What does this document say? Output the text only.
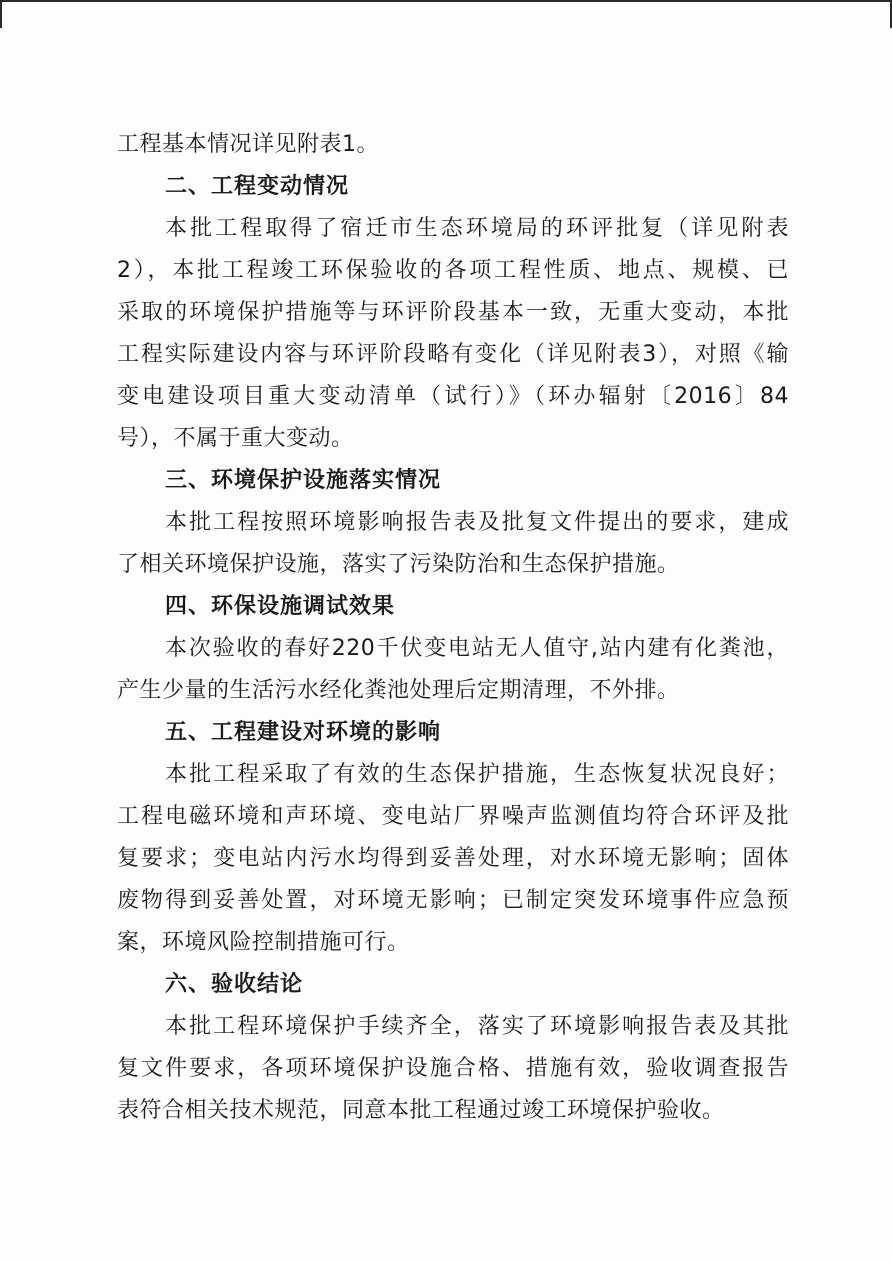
工程基本情况详见附表1。
二、工程变动情况
本批工程取得了宿迁市生态环境局的环评批复（详见附表
2），本批工程竣工环保验收的各项工程性质、地点、规模、已
采取的环境保护措施等与环评阶段基本一致，无重大变动，本批
工程实际建设内容与环评阶段略有变化（详见附表3），对照《输
变电建设项目重大变动清单（试行）》（环办辐射〔2016〕84
号），不属于重大变动。
三、环境保护设施落实情况
本批工程按照环境影响报告表及批复文件提出的要求，建成
了相关环境保护设施，落实了污染防治和生态保护措施。
四、环保设施调试效果
本次验收的春好220千伏变电站无人值守,站内建有化粪池，
产生少量的生活污水经化粪池处理后定期清理，不外排。
五、工程建设对环境的影响
本批工程采取了有效的生态保护措施，生态恢复状况良好；
工程电磁环境和声环境、变电站厂界噪声监测值均符合环评及批
复要求；变电站内污水均得到妥善处理，对水环境无影响；固体
废物得到妥善处置，对环境无影响；已制定突发环境事件应急预
案，环境风险控制措施可行。
六、验收结论
本批工程环境保护手续齐全，落实了环境影响报告表及其批
复文件要求，各项环境保护设施合格、措施有效，验收调查报告
表符合相关技术规范，同意本批工程通过竣工环境保护验收。
